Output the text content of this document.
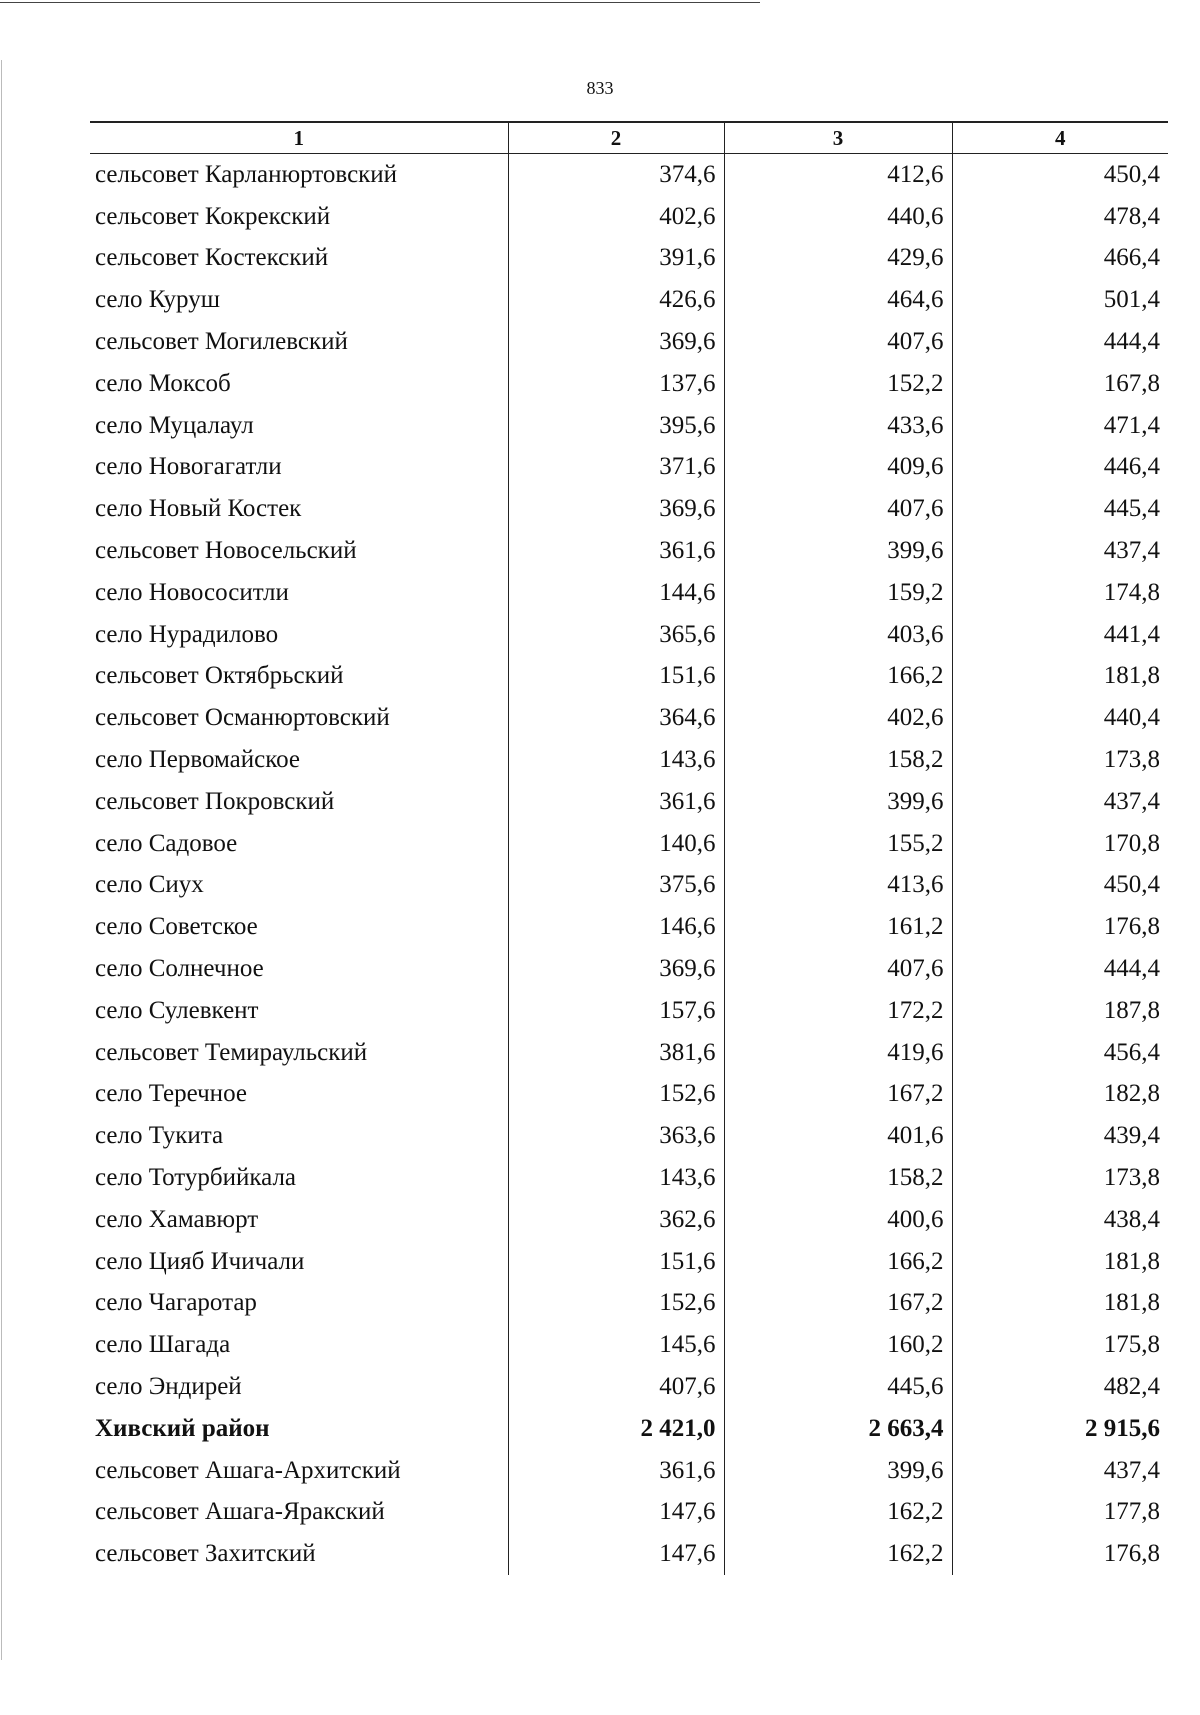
833
1	2	3	4
сельсовет Карланюртовский	374,6	412,6	450,4
сельсовет Кокрекский	402,6	440,6	478,4
сельсовет Костекский	391,6	429,6	466,4
село Куруш	426,6	464,6	501,4
сельсовет Могилевский	369,6	407,6	444,4
село Моксоб	137,6	152,2	167,8
село Муцалаул	395,6	433,6	471,4
село Новогагатли	371,6	409,6	446,4
село Новый Костек	369,6	407,6	445,4
сельсовет Новосельский	361,6	399,6	437,4
село Новососитли	144,6	159,2	174,8
село Нурадилово	365,6	403,6	441,4
сельсовет Октябрьский	151,6	166,2	181,8
сельсовет Османюртовский	364,6	402,6	440,4
село Первомайское	143,6	158,2	173,8
сельсовет Покровский	361,6	399,6	437,4
село Садовое	140,6	155,2	170,8
село Сиух	375,6	413,6	450,4
село Советское	146,6	161,2	176,8
село Солнечное	369,6	407,6	444,4
село Сулевкент	157,6	172,2	187,8
сельсовет Темираульский	381,6	419,6	456,4
село Теречное	152,6	167,2	182,8
село Тукита	363,6	401,6	439,4
село Тотурбийкала	143,6	158,2	173,8
село Хамавюрт	362,6	400,6	438,4
село Цияб Ичичали	151,6	166,2	181,8
село Чагаротар	152,6	167,2	181,8
село Шагада	145,6	160,2	175,8
село Эндирей	407,6	445,6	482,4
Хивский район	2 421,0	2 663,4	2 915,6
сельсовет Ашага-Архитский	361,6	399,6	437,4
сельсовет Ашага-Яракский	147,6	162,2	177,8
сельсовет Захитский	147,6	162,2	176,8
